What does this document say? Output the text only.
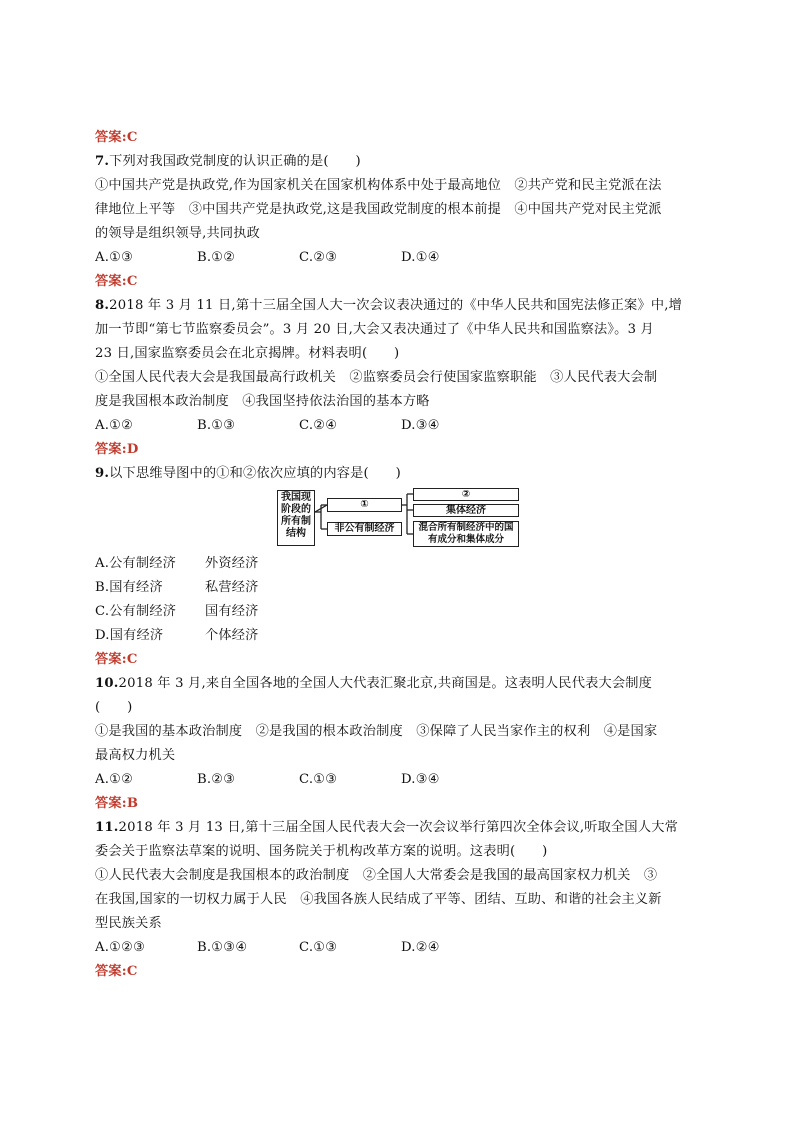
答案:C
7.下列对我国政党制度的认识正确的是(　　)
①中国共产党是执政党,作为国家机关在国家机构体系中处于最高地位　②共产党和民主党派在法
律地位上平等　③中国共产党是执政党,这是我国政党制度的根本前提　④中国共产党对民主党派
的领导是组织领导,共同执政
A.①③	B.①②	C.②③	D.①④
答案:C
8.2018 年 3 月 11 日,第十三届全国人大一次会议表决通过的《中华人民共和国宪法修正案》中,增
加一节即“第七节监察委员会”。3 月 20 日,大会又表决通过了《中华人民共和国监察法》。3 月
23 日,国家监察委员会在北京揭牌。材料表明(　　)
①全国人民代表大会是我国最高行政机关　②监察委员会行使国家监察职能　③人民代表大会制
度是我国根本政治制度　④我国坚持依法治国的基本方略
A.①②	B.①③	C.②④	D.③④
答案:D
9.以下思维导图中的①和②依次应填的内容是(　　)
我国现阶段的所有制结构
①
非公有制经济
②
集体经济
混合所有制经济中的国有成分和集体成分
A.公有制经济 外资经济
B.国有经济	私营经济
C.公有制经济 国有经济
D.国有经济	个体经济
答案:C
10.2018 年 3 月,来自全国各地的全国人大代表汇聚北京,共商国是。这表明人民代表大会制度
(　　)
①是我国的基本政治制度　②是我国的根本政治制度　③保障了人民当家作主的权利　④是国家
最高权力机关
A.①②	B.②③	C.①③	D.③④
答案:B
11.2018 年 3 月 13 日,第十三届全国人民代表大会一次会议举行第四次全体会议,听取全国人大常
委会关于监察法草案的说明、国务院关于机构改革方案的说明。这表明(　　)
①人民代表大会制度是我国根本的政治制度　②全国人大常委会是我国的最高国家权力机关　③
在我国,国家的一切权力属于人民　④我国各族人民结成了平等、团结、互助、和谐的社会主义新
型民族关系
A.①②③	B.①③④	C.①③	D.②④
答案:C
